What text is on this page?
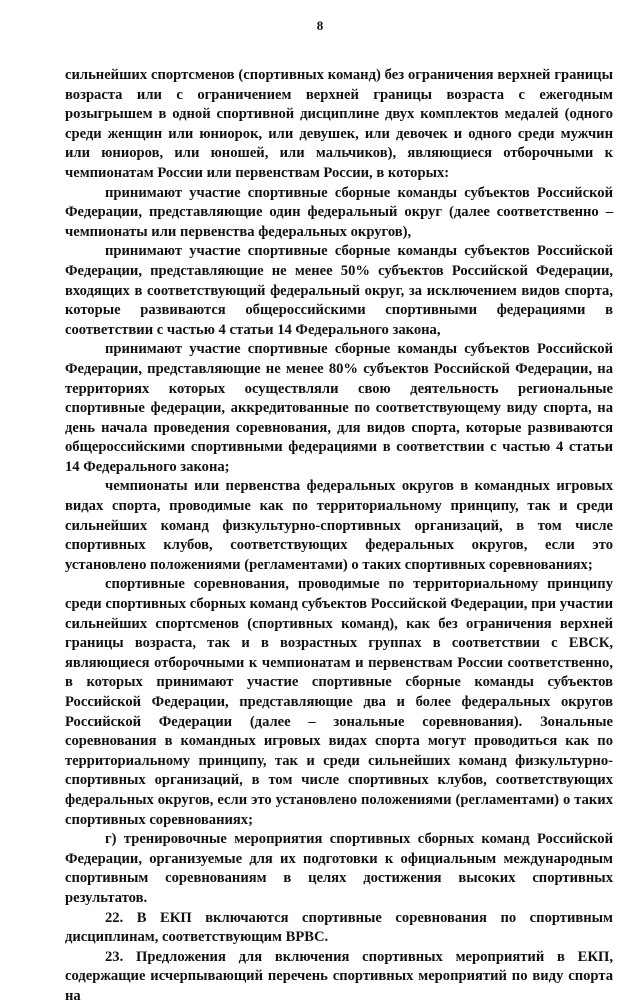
8

сильнейших спортсменов (спортивных команд) без ограничения верхней границы возраста или с ограничением верхней границы возраста с ежегодным розыгрышем в одной спортивной дисциплине двух комплектов медалей (одного среди женщин или юниорок, или девушек, или девочек и одного среди мужчин или юниоров, или юношей, или мальчиков), являющиеся отборочными к чемпионатам России или первенствам России, в которых:

принимают участие спортивные сборные команды субъектов Российской Федерации, представляющие один федеральный округ (далее соответственно – чемпионаты или первенства федеральных округов),

принимают участие спортивные сборные команды субъектов Российской Федерации, представляющие не менее 50% субъектов Российской Федерации, входящих в соответствующий федеральный округ, за исключением видов спорта, которые развиваются общероссийскими спортивными федерациями в соответствии с частью 4 статьи 14 Федерального закона,

принимают участие спортивные сборные команды субъектов Российской Федерации, представляющие не менее 80% субъектов Российской Федерации, на территориях которых осуществляли свою деятельность региональные спортивные федерации, аккредитованные по соответствующему виду спорта, на день начала проведения соревнования, для видов спорта, которые развиваются общероссийскими спортивными федерациями в соответствии с частью 4 статьи 14 Федерального закона;

чемпионаты или первенства федеральных округов в командных игровых видах спорта, проводимые как по территориальному принципу, так и среди сильнейших команд физкультурно-спортивных организаций, в том числе спортивных клубов, соответствующих федеральных округов, если это установлено положениями (регламентами) о таких спортивных соревнованиях;

спортивные соревнования, проводимые по территориальному принципу среди спортивных сборных команд субъектов Российской Федерации, при участии сильнейших спортсменов (спортивных команд), как без ограничения верхней границы возраста, так и в возрастных группах в соответствии с ЕВСК, являющиеся отборочными к чемпионатам и первенствам России соответственно, в которых принимают участие спортивные сборные команды субъектов Российской Федерации, представляющие два и более федеральных округов Российской Федерации (далее – зональные соревнования). Зональные соревнования в командных игровых видах спорта могут проводиться как по территориальному принципу, так и среди сильнейших команд физкультурно-спортивных организаций, в том числе спортивных клубов, соответствующих федеральных округов, если это установлено положениями (регламентами) о таких спортивных соревнованиях;

г) тренировочные мероприятия спортивных сборных команд Российской Федерации, организуемые для их подготовки к официальным международным спортивным соревнованиям в целях достижения высоких спортивных результатов.

22. В ЕКП включаются спортивные соревнования по спортивным дисциплинам, соответствующим ВРВС.

23. Предложения для включения спортивных мероприятий в ЕКП, содержащие исчерпывающий перечень спортивных мероприятий по виду спорта на
